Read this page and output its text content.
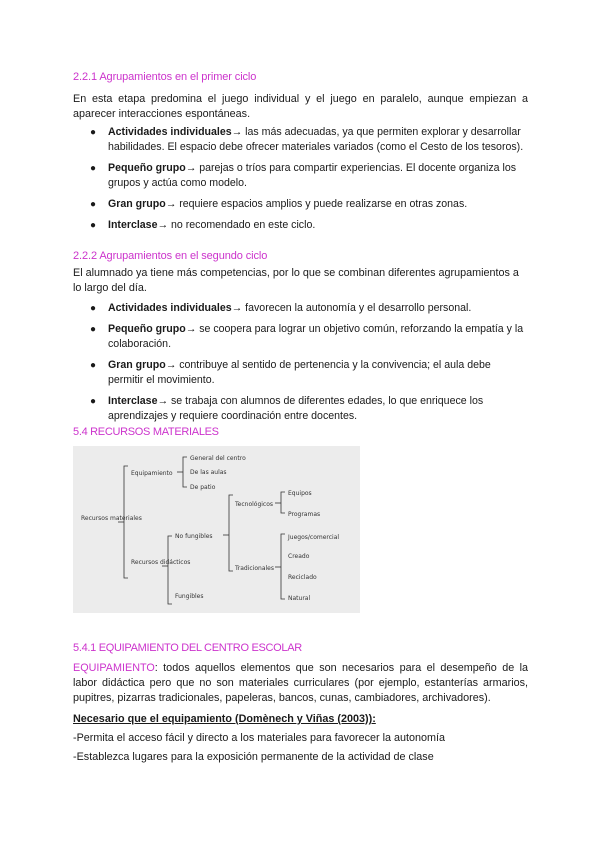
2.2.1 Agrupamientos en el primer ciclo

En esta etapa predomina el juego individual y el juego en paralelo, aunque empiezan a aparecer interacciones espontáneas.

● Actividades individuales→ las más adecuadas, ya que permiten explorar y desarrollar habilidades. El espacio debe ofrecer materiales variados (como el Cesto de los tesoros).
● Pequeño grupo→ parejas o tríos para compartir experiencias. El docente organiza los grupos y actúa como modelo.
● Gran grupo→ requiere espacios amplios y puede realizarse en otras zonas.
● Interclase→ no recomendado en este ciclo.
2.2.2 Agrupamientos en el segundo ciclo

El alumnado ya tiene más competencias, por lo que se combinan diferentes agrupamientos a lo largo del día.

● Actividades individuales→ favorecen la autonomía y el desarrollo personal.
● Pequeño grupo→ se coopera para lograr un objetivo común, reforzando la empatía y la colaboración.
● Gran grupo→ contribuye al sentido de pertenencia y la convivencia; el aula debe permitir el movimiento.
● Interclase→ se trabaja con alumnos de diferentes edades, lo que enriquece los aprendizajes y requiere coordinación entre docentes.
5.4 RECURSOS MATERIALES
Recursos materiales
Equipamiento
General del centro
De las aulas
De patio
Recursos didácticos
No fungibles
Fungibles
Tecnológicos
Equipos
Programas
Tradicionales
Juegos/comercial
Creado
Reciclado
Natural
5.4.1 EQUIPAMIENTO DEL CENTRO ESCOLAR

EQUIPAMIENTO: todos aquellos elementos que son necesarios para el desempeño de la labor didáctica pero que no son materiales curriculares (por ejemplo, estanterías armarios, pupitres, pizarras tradicionales, papeleras, bancos, cunas, cambiadores, archivadores).

Necesario que el equipamiento (Domènech y Viñas (2003)):

-Permita el acceso fácil y directo a los materiales para favorecer la autonomía

-Establezca lugares para la exposición permanente de la actividad de clase
